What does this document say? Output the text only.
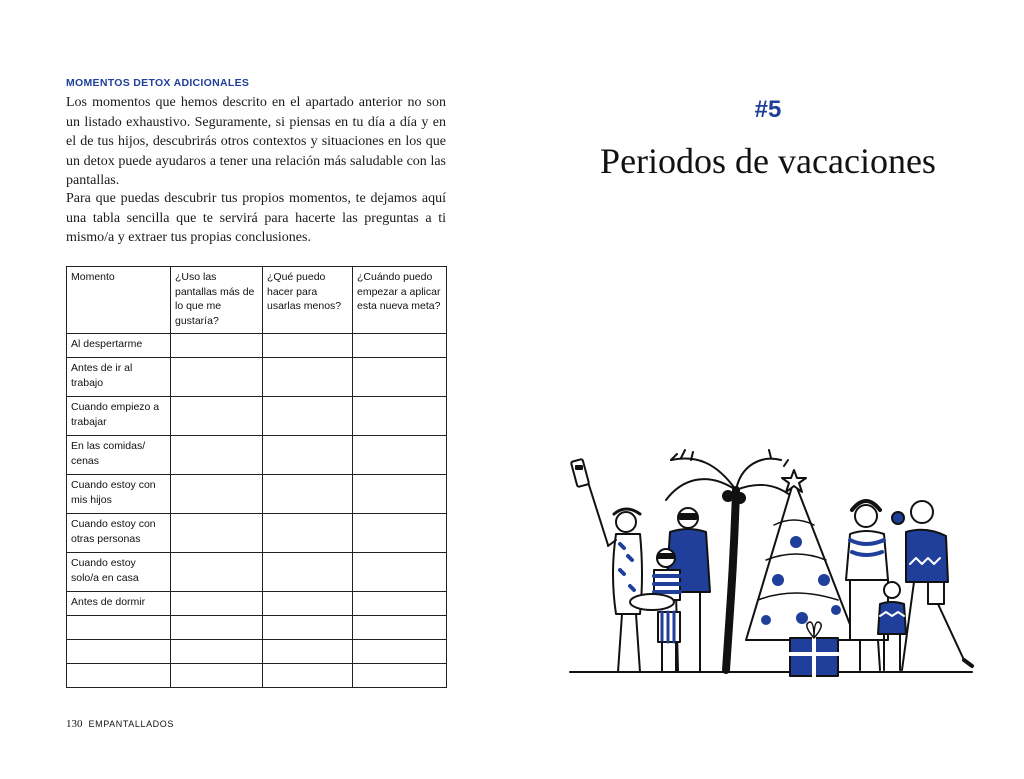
MOMENTOS DETOX ADICIONALES

Los momentos que hemos descrito en el apartado anterior no son un listado exhaustivo. Seguramente, si piensas en tu día a día y en el de tus hijos, descubrirás otros contextos y situaciones en los que un detox puede ayudaros a tener una relación más saludable con las pantallas.

Para que puedas descubrir tus propios momentos, te dejamos aquí una tabla sencilla que te servirá para hacerte las preguntas a ti mismo/a y extraer tus propias conclusiones.

Momento	¿Uso las pantallas más de lo que me gustaría?	¿Qué puedo hacer para usarlas menos?	¿Cuándo puedo empezar a aplicar esta nueva meta?
Al despertarme			
Antes de ir al trabajo			
Cuando empiezo a trabajar			
En las comidas/ cenas			
Cuando estoy con mis hijos			
Cuando estoy con otras personas			
Cuando estoy solo/a en casa			
Antes de dormir			

130 EMPANTALLADOS
#5
Periodos de vacaciones
